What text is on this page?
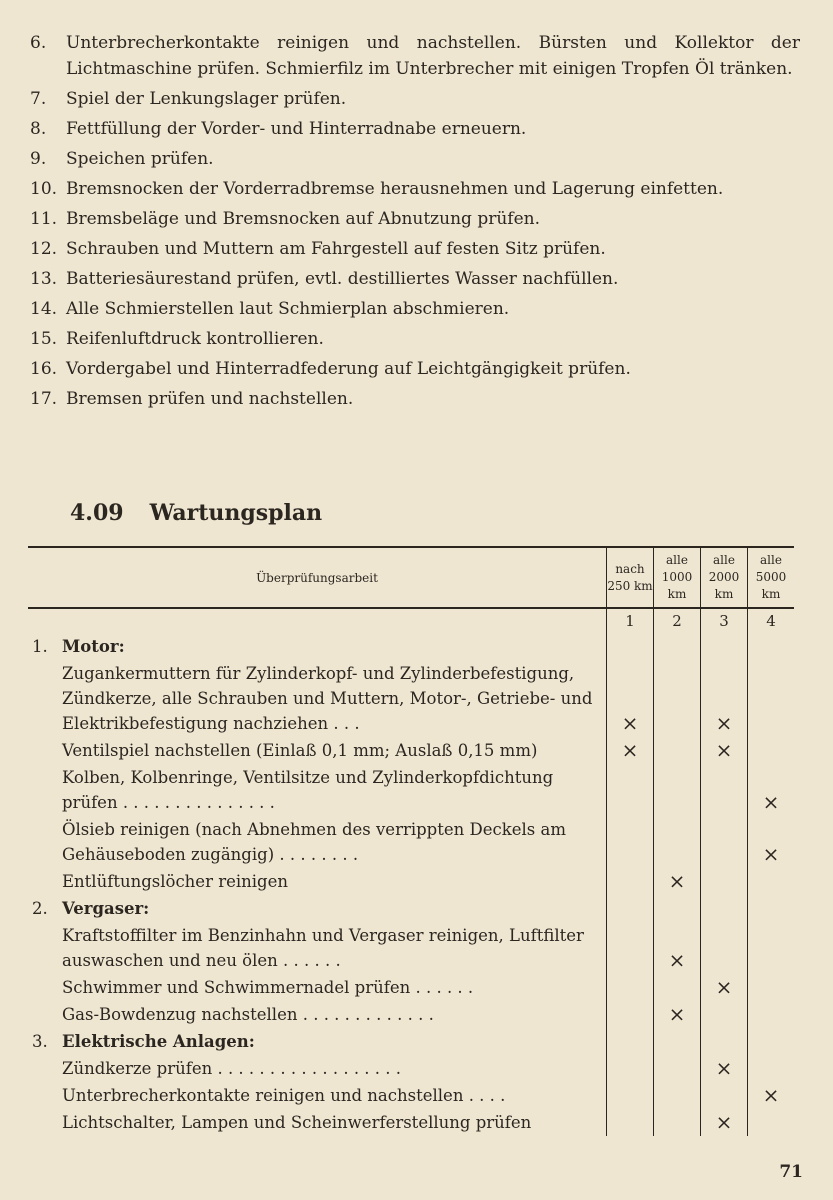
6.	Unterbrecherkontakte reinigen und nachstellen. Bürsten und Kollektor der Lichtmaschine prüfen. Schmierfilz im Unterbrecher mit einigen Tropfen Öl tränken.
7.	Spiel der Lenkungslager prüfen.
8.	Fettfüllung der Vorder- und Hinterradnabe erneuern.
9.	Speichen prüfen.
10. Bremsnocken der Vorderradbremse herausnehmen und Lagerung einfetten.
11. Bremsbeläge und Bremsnocken auf Abnutzung prüfen.
12. Schrauben und Muttern am Fahrgestell auf festen Sitz prüfen.
13. Batteriesäurestand prüfen, evtl. destilliertes Wasser nachfüllen.
14. Alle Schmierstellen laut Schmierplan abschmieren.
15. Reifenluftdruck kontrollieren.
16. Vordergabel und Hinterradfederung auf Leichtgängigkeit prüfen.
17. Bremsen prüfen und nachstellen.
4.09 Wartungsplan
Überprüfungsarbeit	nach 250 km	alle 1000 km	alle 2000 km	alle 5000 km
	1	2	3	4
1. Motor:				
Zugankermuttern für Zylinderkopf- und Zylinderbefestigung, Zündkerze, alle Schrauben und Muttern, Motor-, Getriebe- und Elektrikbefestigung nachziehen . . .	×		×	
Ventilspiel nachstellen (Einlaß 0,1 mm; Auslaß 0,15 mm)	×		×	
Kolben, Kolbenringe, Ventilsitze und Zylinderkopfdichtung prüfen . . . . . . . . . . . . . . .				×
Ölsieb reinigen (nach Abnehmen des verrippten Deckels am Gehäuseboden zugängig) . . . . . . . .				×
Entlüftungslöcher reinigen		×		
2. Vergaser:				
Kraftstoffilter im Benzinhahn und Vergaser reinigen, Luftfilter auswaschen und neu ölen . . . . . .		×		
Schwimmer und Schwimmernadel prüfen . . . . . .			×	
Gas-Bowdenzug nachstellen . . . . . . . . . . . . .		×		
3. Elektrische Anlagen:				
Zündkerze prüfen . . . . . . . . . . . . . . . . . .			×	
Unterbrecherkontakte reinigen und nachstellen . . . .				×
Lichtschalter, Lampen und Scheinwerferstellung prüfen			×	
71
